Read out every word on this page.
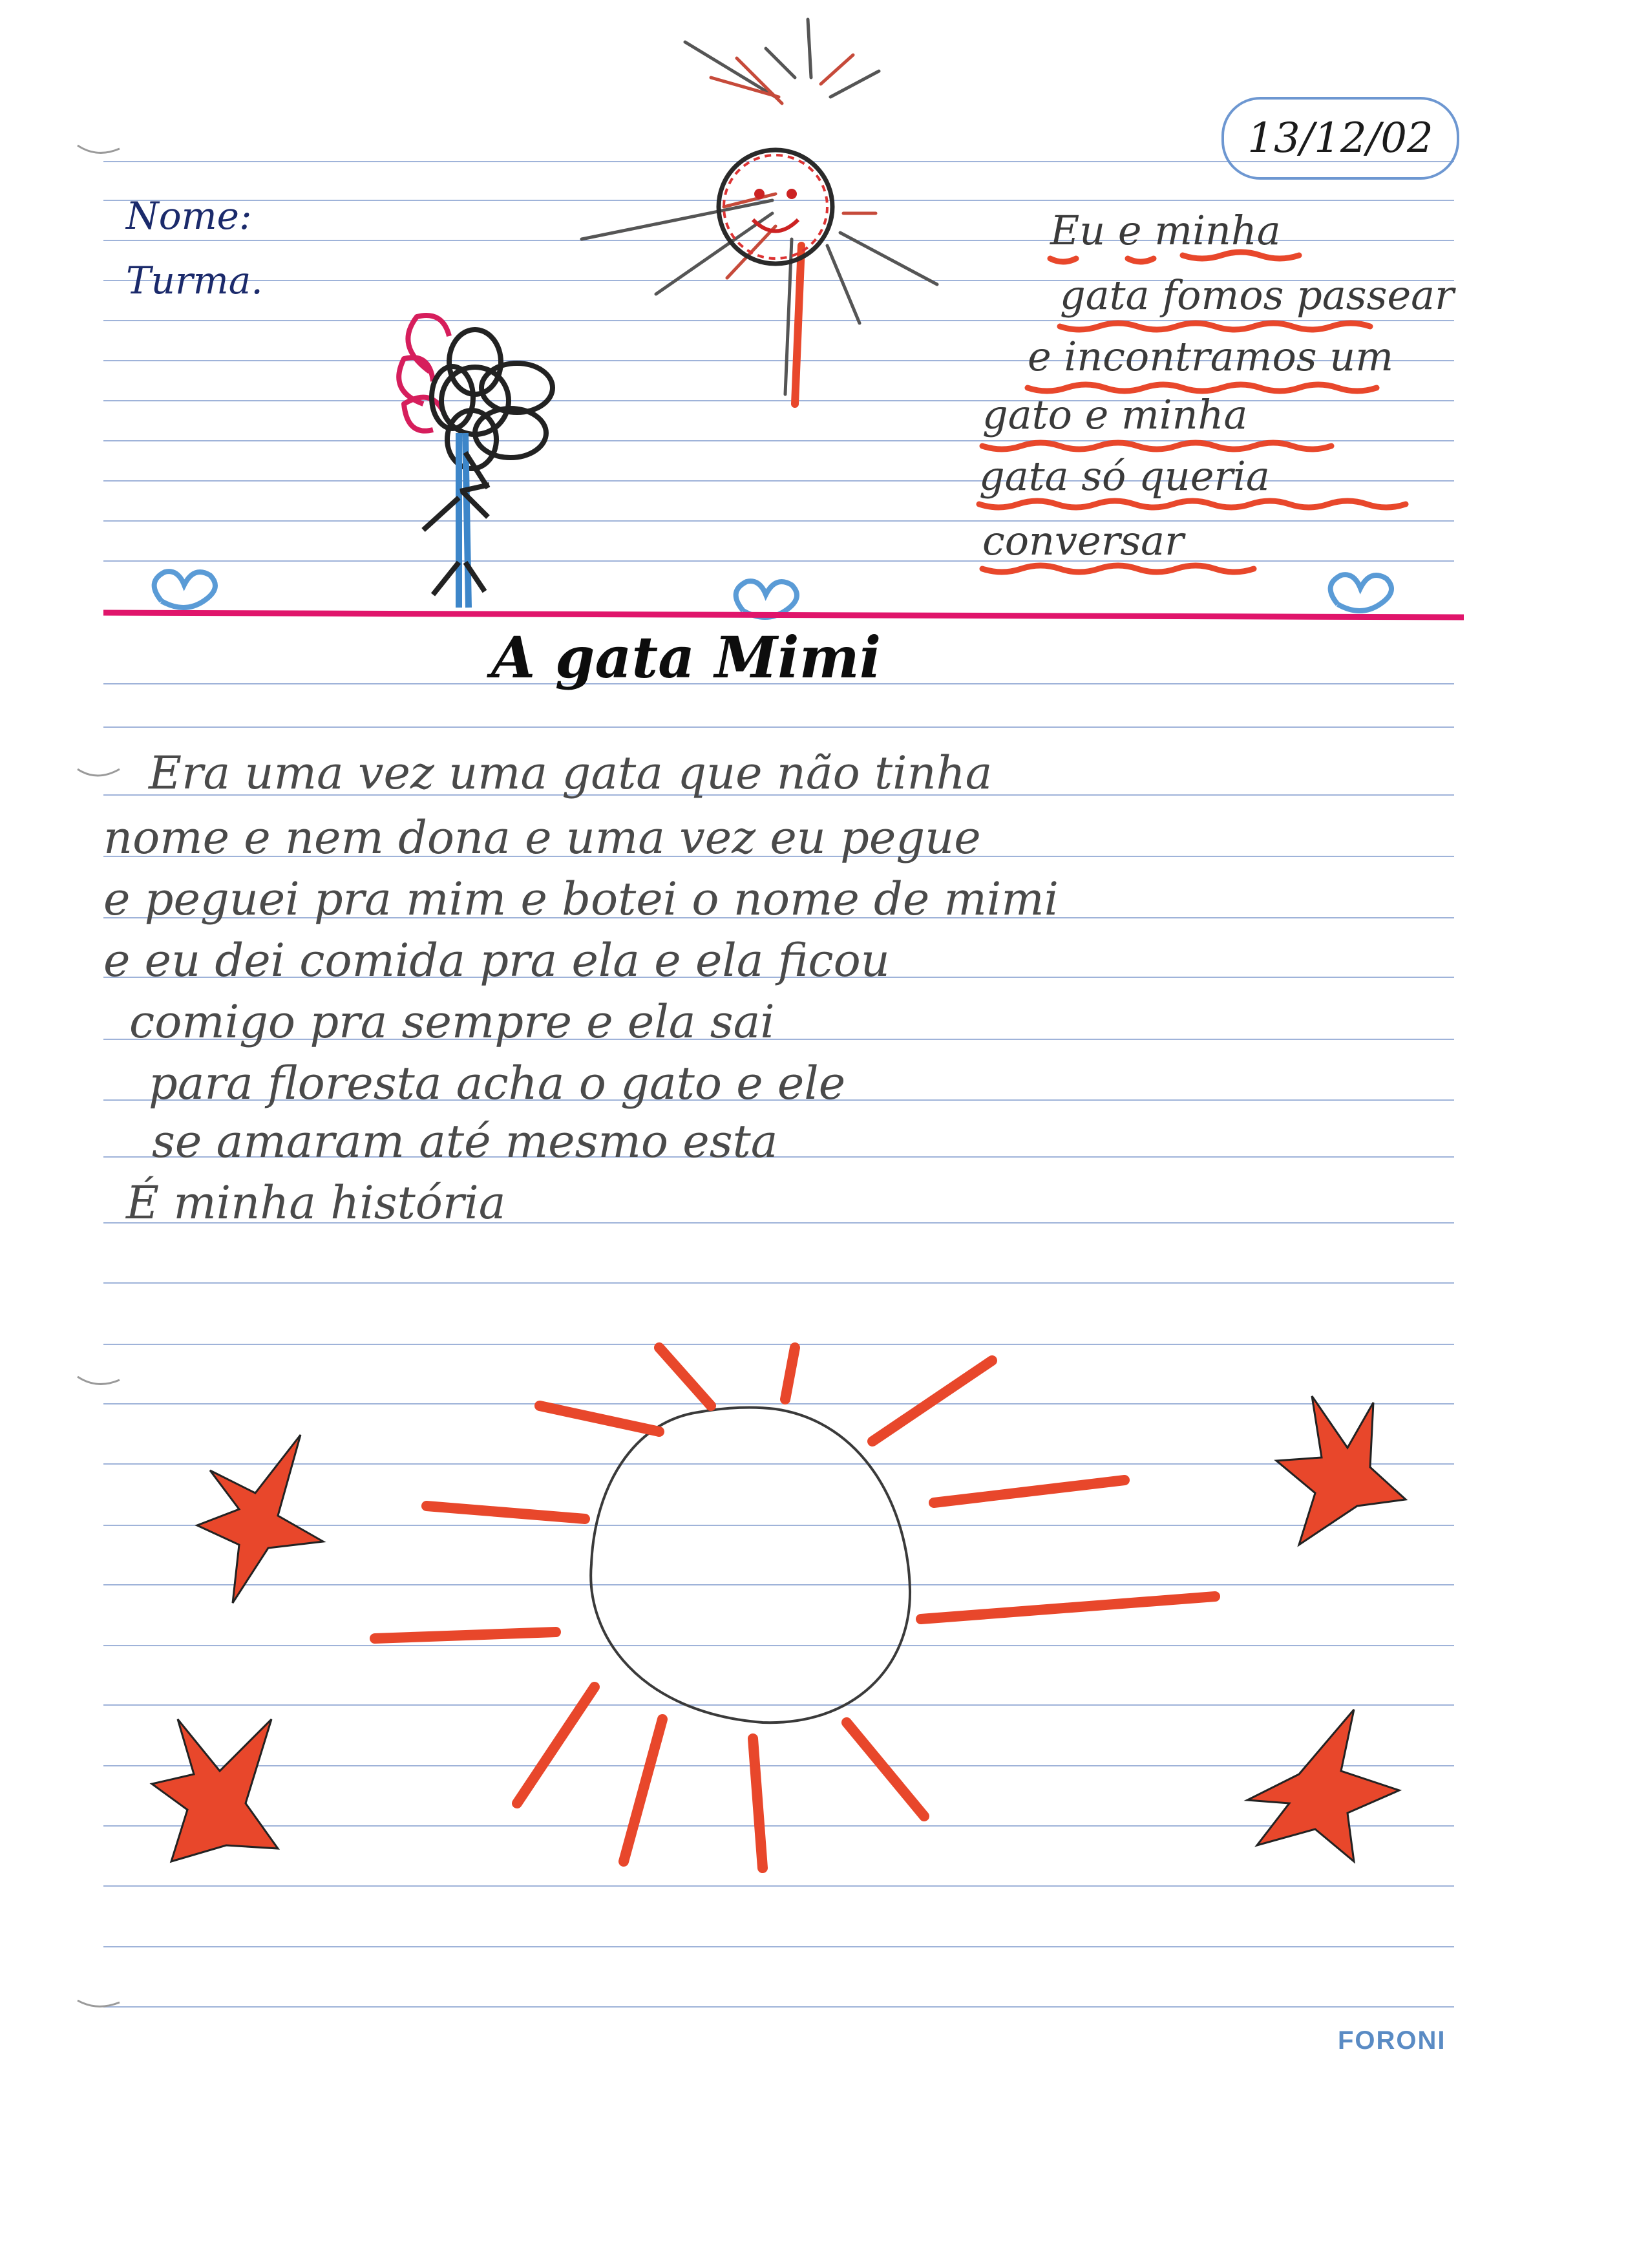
Nome:
Turma.
13/12/02
Eu e minha
gata fomos passear
e incontramos um
gato e minha
gata só queria
conversar
A gata Mimi
Era uma vez uma gata que não tinha
nome e nem dona e uma vez eu pegue
e peguei pra mim e botei o nome de mimi
e eu dei comida pra ela e ela ficou
comigo pra sempre e ela sai
para floresta acha o gato e ele
se amaram até mesmo esta
É minha história
FORONI
